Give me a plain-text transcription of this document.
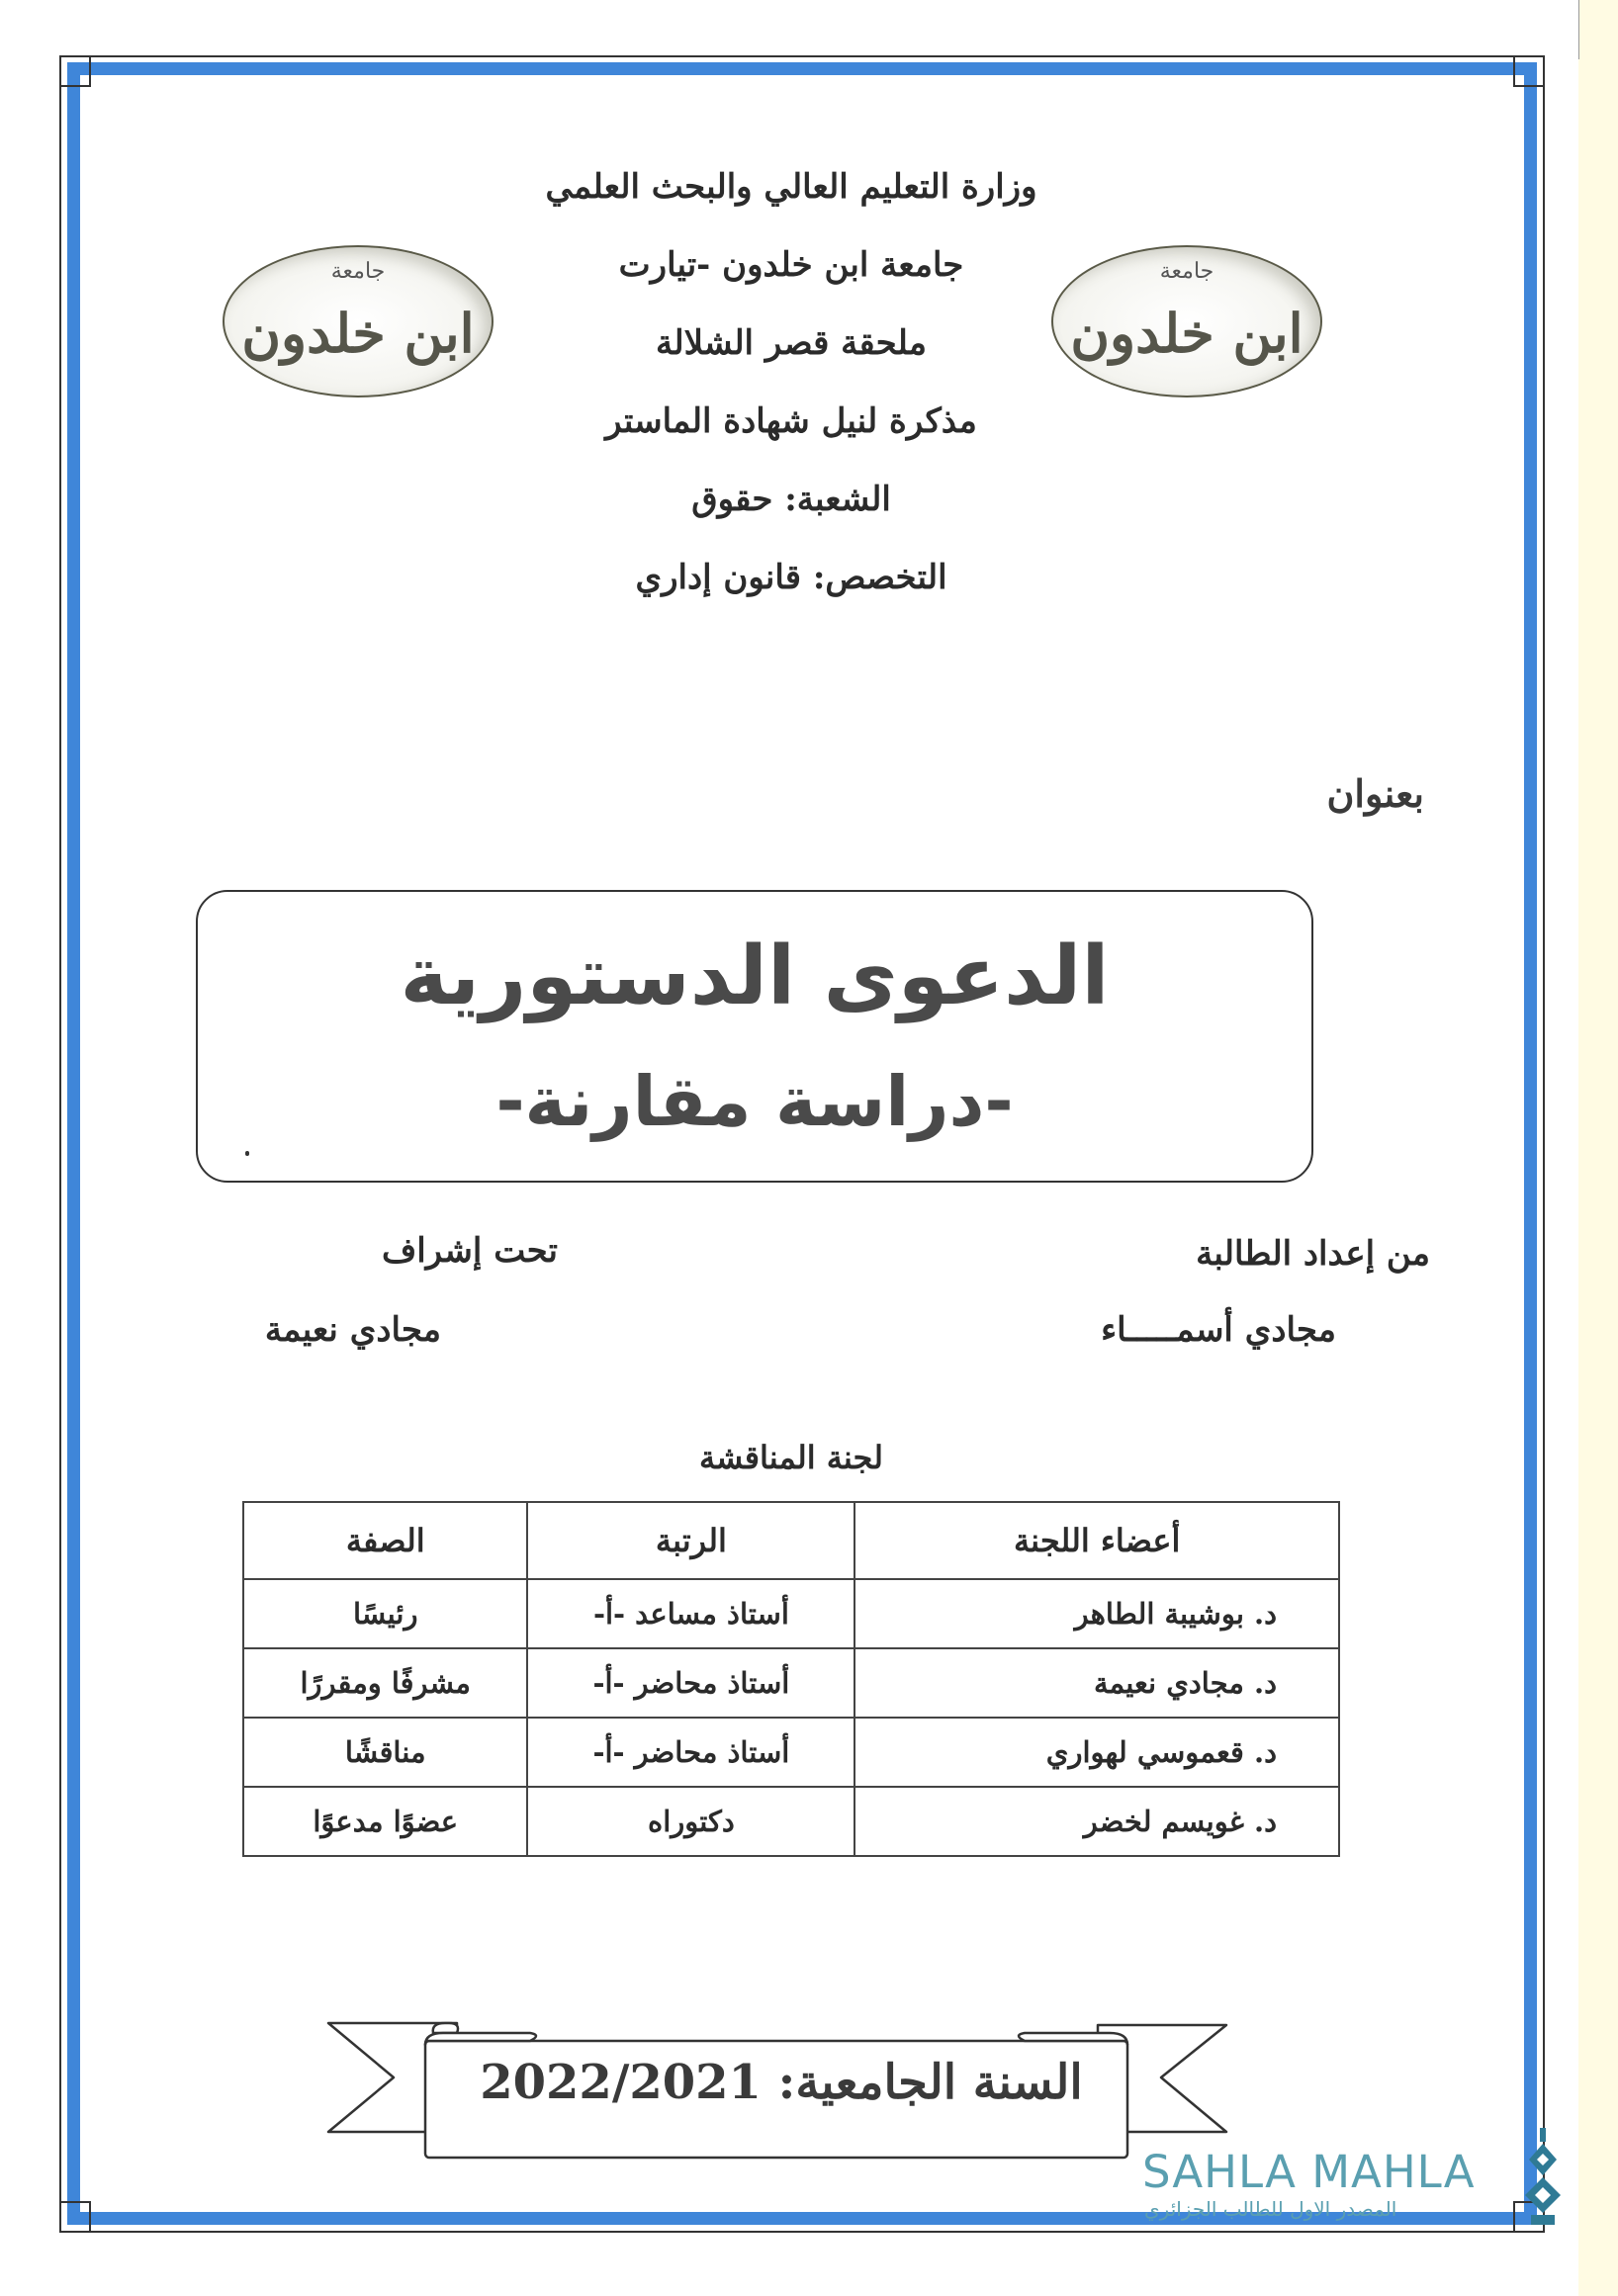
جامعة
ابن خلدون
جامعة
ابن خلدون
وزارة التعليم العالي والبحث العلمي
جامعة ابن خلدون -تيارت
ملحقة قصر الشلالة
مذكرة لنيل شهادة الماستر
الشعبة: حقوق
التخصص: قانون إداري
بعنوان
الدعوى الدستورية
-دراسة مقارنة-
من إعداد الطالبة
مجادي أسمـــــاء
تحت إشراف
مجادي نعيمة
لجنة المناقشة
أعضاء اللجنة	الرتبة	الصفة
د. بوشيبة الطاهر	أستاذ مساعد -أ-	رئيسًا
د. مجادي نعيمة	أستاذ محاضر -أ-	مشرفًا ومقررًا
د. قعموسي لهواري	أستاذ محاضر -أ-	مناقشًا
د. غويسم لخضر	دكتوراه	عضوًا مدعوًا
السنة الجامعية: 2022/2021
SAHLA MAHLA
المصدر الاول للطالب الجزائري
